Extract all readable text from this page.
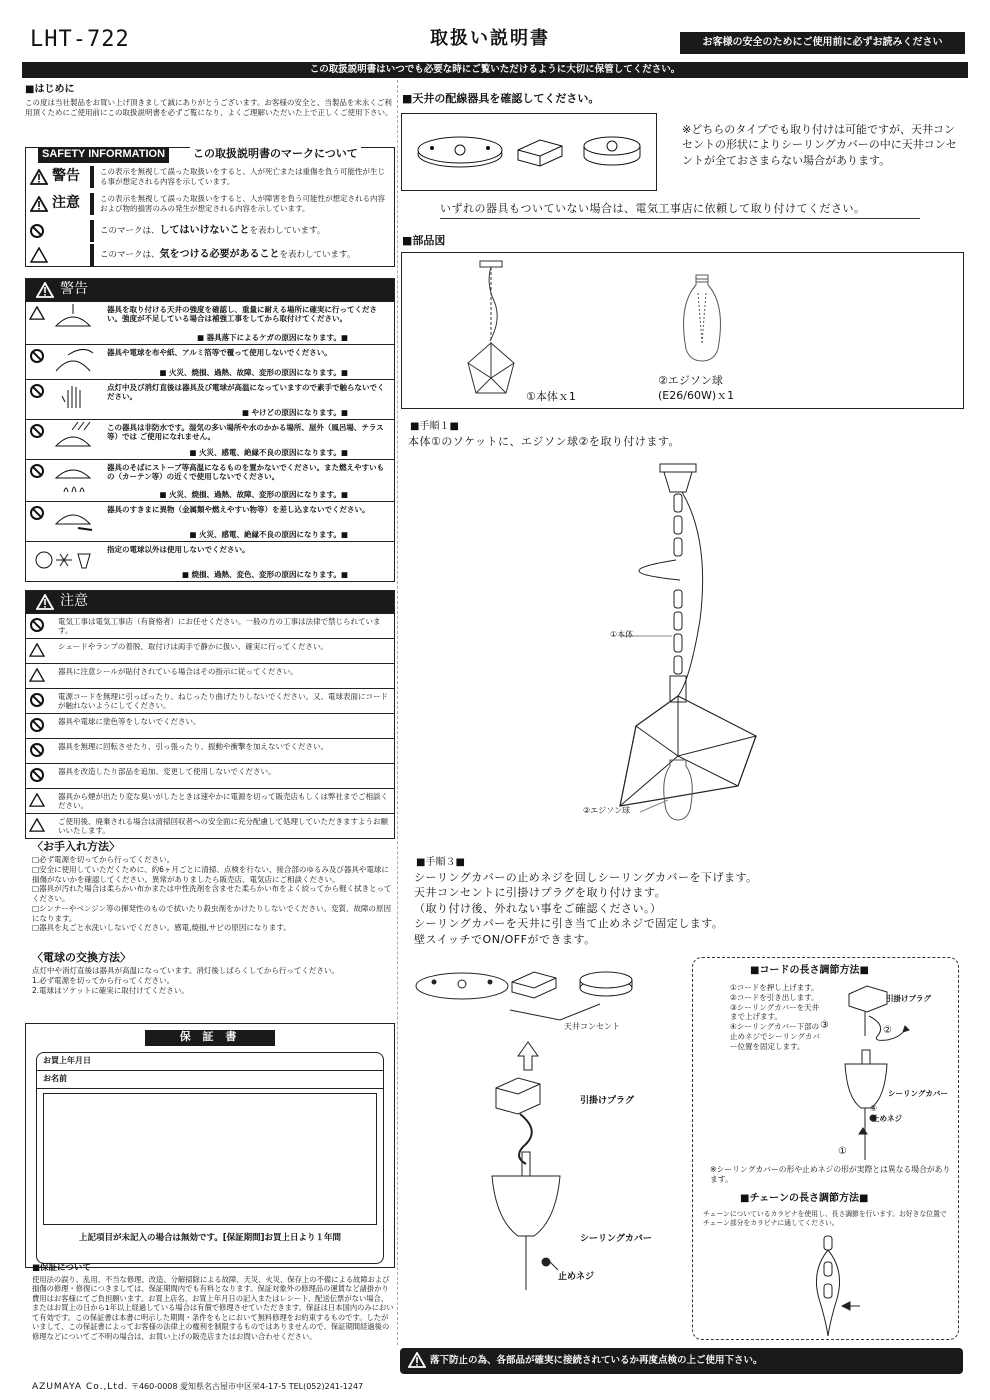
LHT-722	取扱い説明書	お客様の安全のためにご使用前に必ずお読みください
この取扱説明書はいつでも必要な時にご覧いただけるように大切に保管してください。
■はじめに
この度は当社製品をお買い上げ頂きまして誠にありがとうございます。お客様の安全と、当製品を末永くご利用頂くためにご使用前にこの取扱説明書を必ずご覧になり、よくご理解いただいた上で正しくご使用下さい。
SAFETY INFORMATION	この取扱説明書のマークについて
警告	この表示を無視して誤った取扱いをすると、人が死亡または重傷を負う可能性が生じる事が想定される内容を示しています。
注意	この表示を無視して誤った取扱いをすると、人が障害を負う可能性が想定される内容および物的損害のみの発生が想定される内容を示しています。
このマークは、してはいけないことを表わしています。
このマークは、気をつける必要があることを表わしています。
警告
器具を取り付ける天井の強度を確認し、重量に耐える場所に確実に行ってください。強度が不足している場合は補強工事をしてから取付けてください。
■ 器具落下によるケガの原因になります。■
器具や電球を布や紙、アルミ箔等で覆って使用しないでください。
■ 火災、焼損、過熱、故障、変形の原因になります。■
点灯中及び消灯直後は器具及び電球が高温になっていますので素手で触らないでください。
■ やけどの原因になります。■
この器具は非防水です。湿気の多い場所や水のかかる場所、屋外（風呂場、テラス等）では ご使用になれません。
■ 火災、感電、絶縁不良の原因になります。■
器具のそばにストーブ等高温になるものを置かないでください。また燃えやすいもの（カーテン等）の近くで使用しないでください。
■ 火災、焼損、過熱、故障、変形の原因になります。■
器具のすきまに異物（金属類や燃えやすい物等）を差し込まないでください。
■ 火災、感電、絶縁不良の原因になります。■
指定の電球以外は使用しないでください。
■ 焼損、過熱、変色、変形の原因になります。■
注意
電気工事は電気工事店（有資格者）にお任せください。一般の方の工事は法律で禁じられています。
シェードやランプの着脱、取付けは両手で静かに扱い、確実に行ってください。
器具に注意シールが貼付されている場合はその指示に従ってください。
電源コードを無理に引っぱったり、ねじったり曲げたりしないでください。又、電球表面にコードが触れないようにしてください。
器具や電球に塗色等をしないでください。
器具を無理に回転させたり、引っ張ったり、振動や衝撃を加えないでください。
器具を改造したり部品を追加、変更して使用しないでください。
器具から煙が出たり変な臭いがしたときは速やかに電源を切って販売店もしくは弊社までご相談ください。
ご使用後、廃棄される場合は清掃回収者への安全面に充分配慮して処理していただきますようお願いいたします。
〈お手入れ方法〉
□必ず電源を切ってから行ってください。
□安全に使用していただくために、約6ヶ月ごとに清掃、点検を行ない、接合部のゆるみ及び器具や電球に損傷がないかを確認してください。異常がありましたら販売店、電気店にご相談ください。
□器具が汚れた場合は柔らかい布かまたは中性洗剤を含ませた柔らかい布をよく絞ってから軽く拭きとってください。
□シンナーやベンジン等の揮発性のもので拭いたり殺虫剤をかけたりしないでください。変質、故障の原因になります。
□器具を丸ごと水洗いしないでください。感電,焼損,サビの原因になります。
〈電球の交換方法〉
点灯中や消灯直後は器具が高温になっています。消灯後しばらくしてから行ってください。
1.必ず電源を切ってから行ってください。
2.電球はソケットに確実に取付けてください。
保 証 書
お買上年月日
お名前
上記項目が未記入の場合は無効です。[保証期間]お買上日より１年間
■保証について
使用法の誤り、乱用、不当な修理、改造、分解掃除による故障、天災、火災、保存上の不備による故障および損傷の修理・修復につきましては、保証期間内でも有料となります。保証対象外の修理品の運賃など諸掛かり費用はお客様にてご負担願います。お買上店名、お買上年月日の記入またはレシート、配送伝票がない場合、またはお買上の日から1年以上経過している場合は有償で修理させていただきます。保証は日本国内のみにおいて有効です。この保証書は本書に明示した期間・条件をもとにおいて無料修理をお約束するものです。したがいまして、この保証書によってお客様の法律上の権利を制限するものではありませんので、保証期間経過後の修理などについてご不明の場合は、お買い上げの販売店またはお問い合わせください。
AZUMAYA Co.,Ltd. 〒460-0008 愛知県名古屋市中区栄4-17-5 TEL(052)241-1247
■天井の配線器具を確認してください。
※どちらのタイプでも取り付けは可能ですが、天井コンセントの形状によりシーリングカバーの中に天井コンセントが全ておさまらない場合があります。
いずれの器具もついていない場合は、電気工事店に依頼して取り付けてください。
■部品図
①本体ｘ1
②エジソン球
(E26/60W)ｘ1
■手順１■
本体①のソケットに、エジソン球②を取り付けます。
①本体
②エジソン球
■手順３■
シーリングカバーの止めネジを回しシーリングカバーを下げます。
天井コンセントに引掛けプラグを取り付けます。
（取り付け後、外れない事をご確認ください。）
シーリングカバーを天井に引き当て止めネジで固定します。
壁スイッチでON/OFFができます。
天井コンセント
引掛けプラグ
シーリングカバー
止めネジ
■コードの長さ調節方法■
①コードを押し上げます。
②コードを引き出します。
③シーリングカバーを天井まで上げます。
④シーリングカバー下部の止めネジでシーリングカバー位置を固定します。
引掛けプラグ
③	②
シーリングカバー
④
止めネジ
①
※シーリングカバーの形や止めネジの形が実際とは異なる場合があります。
■チェーンの長さ調節方法■
チェーンについているカラビナを使用し、長さ調節を行います。お好きな位置でチェーン部分をカラビナに通してください。
落下防止の為、各部品が確実に接続されているか再度点検の上ご使用下さい。
